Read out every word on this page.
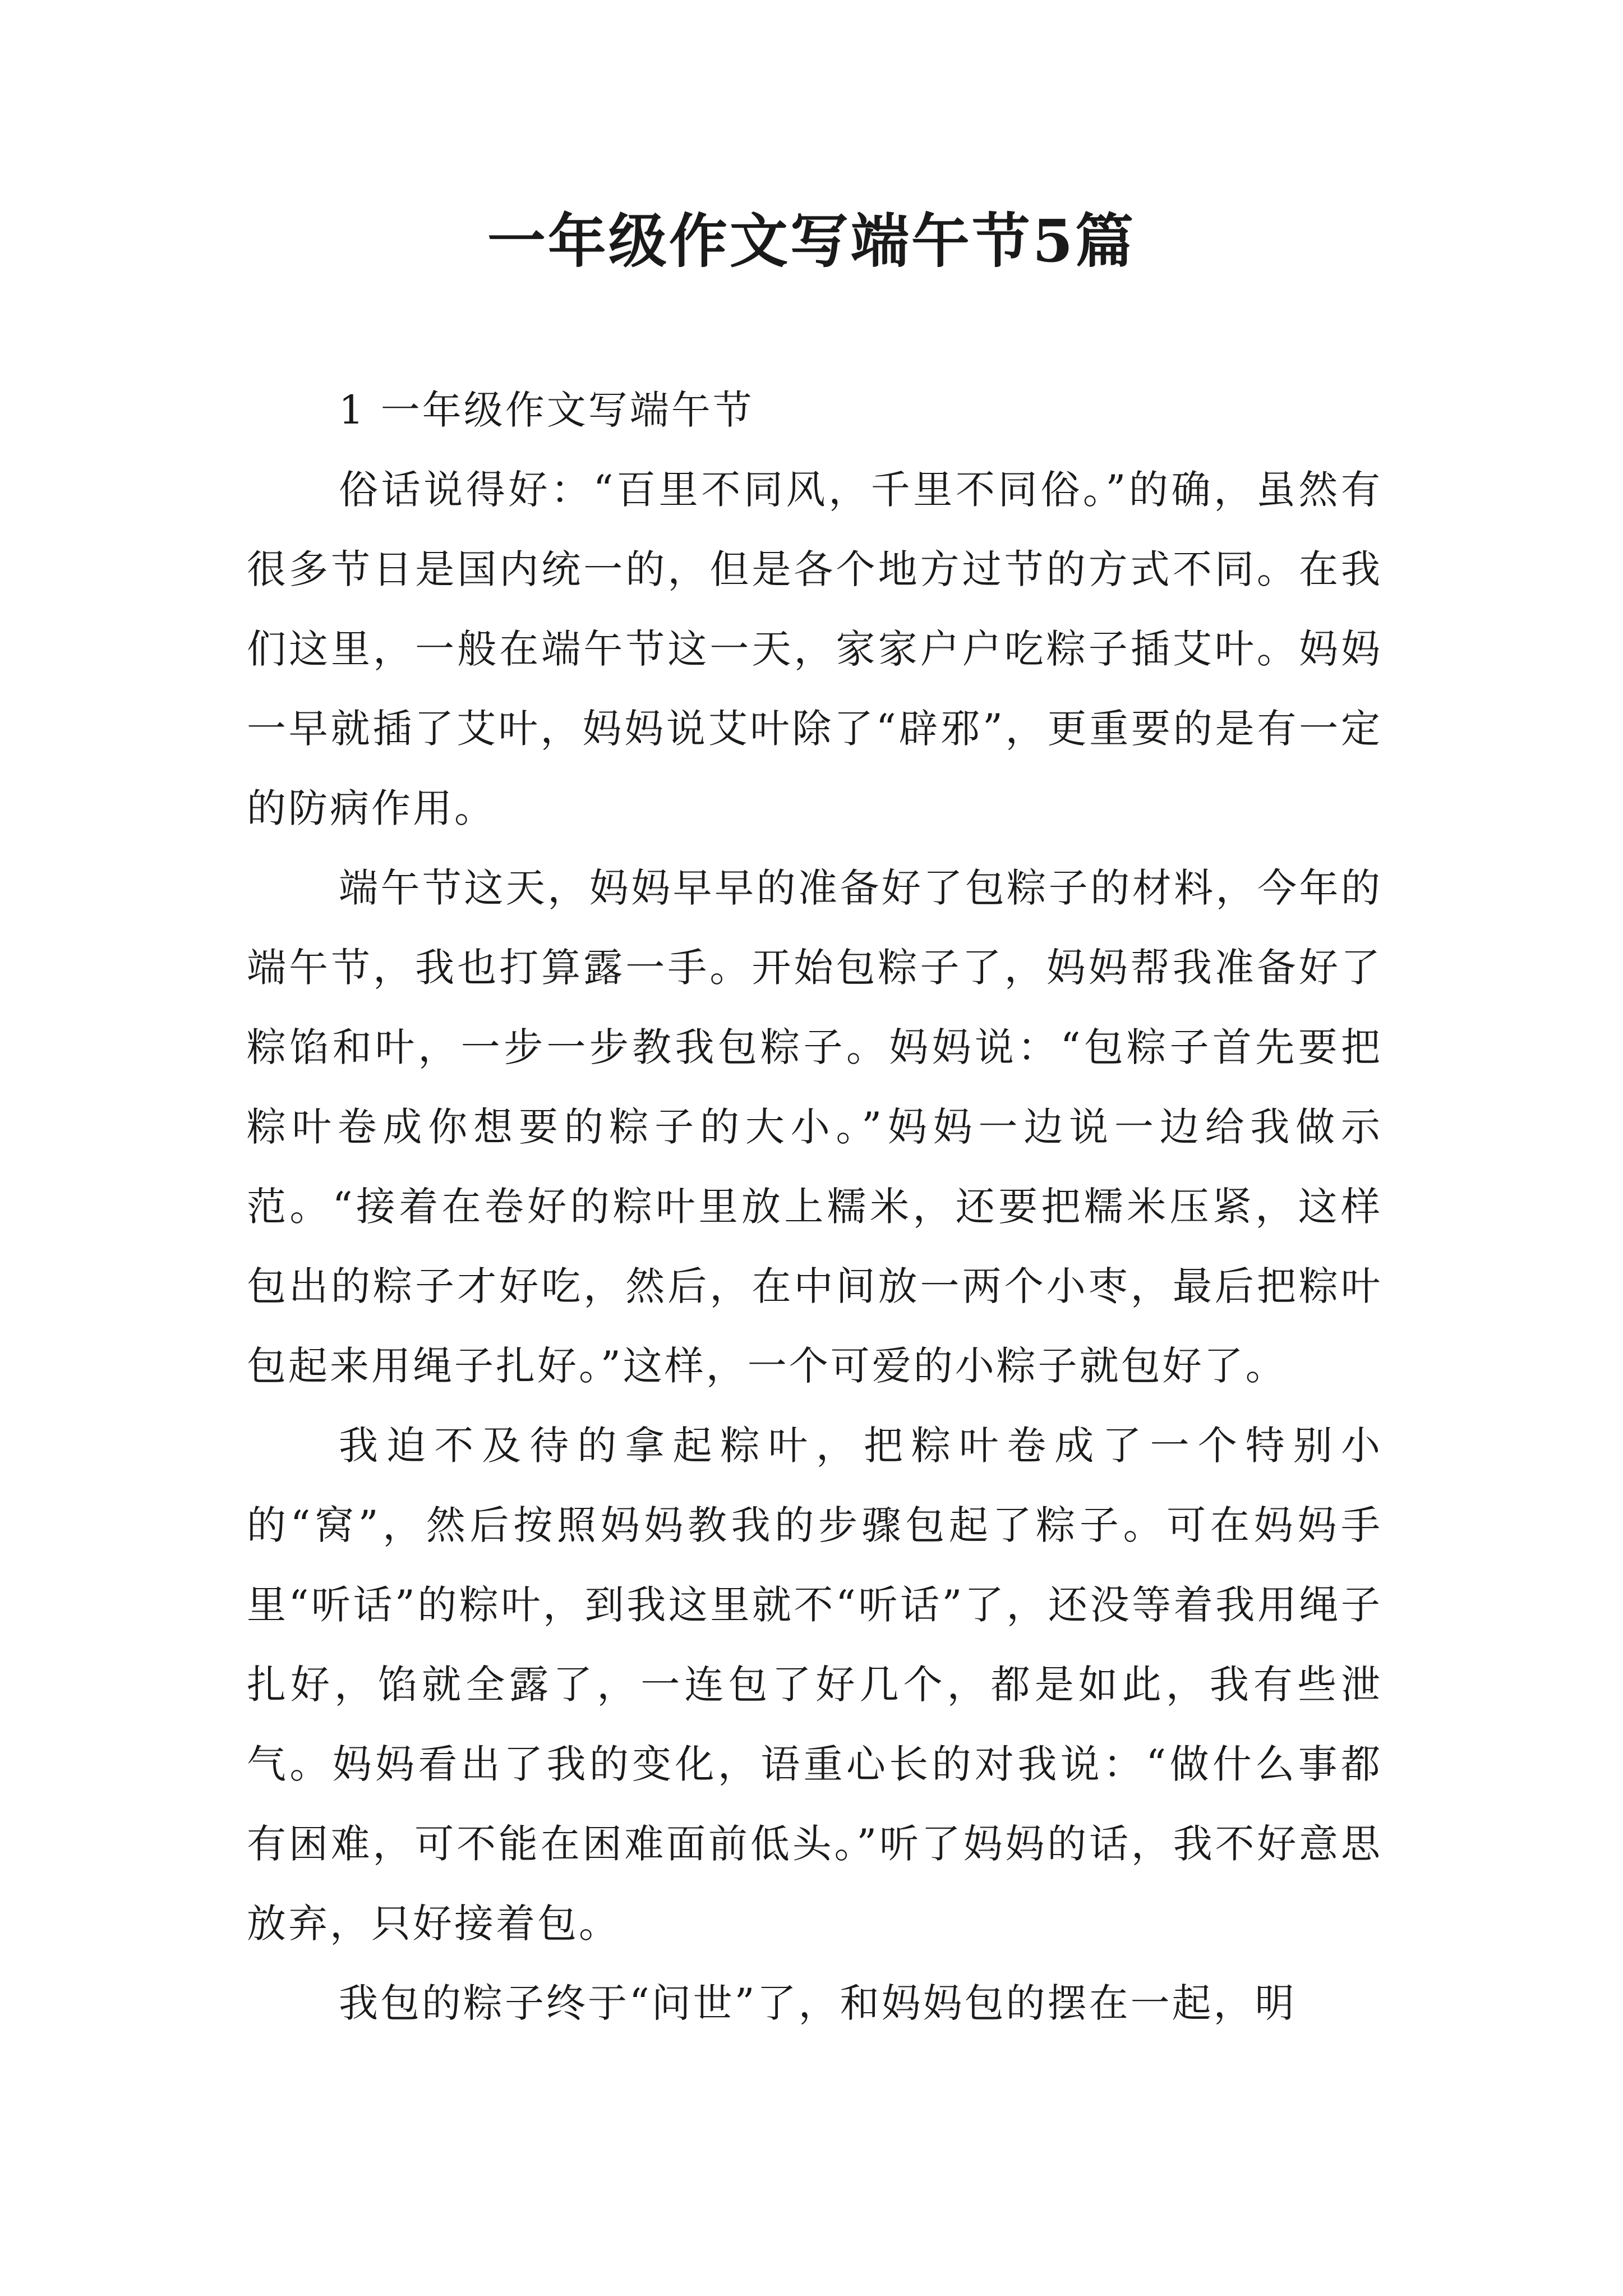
一年级作文写端午节5篇

1 一年级作文写端午节

俗话说得好：“百里不同风，千里不同俗。”的确，虽然有很多节日是国内统一的，但是各个地方过节的方式不同。在我们这里，一般在端午节这一天，家家户户吃粽子插艾叶。妈妈一早就插了艾叶，妈妈说艾叶除了“辟邪”，更重要的是有一定的防病作用。

端午节这天，妈妈早早的准备好了包粽子的材料，今年的端午节，我也打算露一手。开始包粽子了，妈妈帮我准备好了粽馅和叶，一步一步教我包粽子。妈妈说：“包粽子首先要把粽叶卷成你想要的粽子的大小。”妈妈一边说一边给我做示范。“接着在卷好的粽叶里放上糯米，还要把糯米压紧，这样包出的粽子才好吃，然后，在中间放一两个小枣，最后把粽叶包起来用绳子扎好。”这样，一个可爱的小粽子就包好了。

我迫不及待的拿起粽叶，把粽叶卷成了一个特别小的“窝”，然后按照妈妈教我的步骤包起了粽子。可在妈妈手里“听话”的粽叶，到我这里就不“听话”了，还没等着我用绳子扎好，馅就全露了，一连包了好几个，都是如此，我有些泄气。妈妈看出了我的变化，语重心长的对我说：“做什么事都有困难，可不能在困难面前低头。”听了妈妈的话，我不好意思放弃，只好接着包。

我包的粽子终于“问世”了，和妈妈包的摆在一起，明
